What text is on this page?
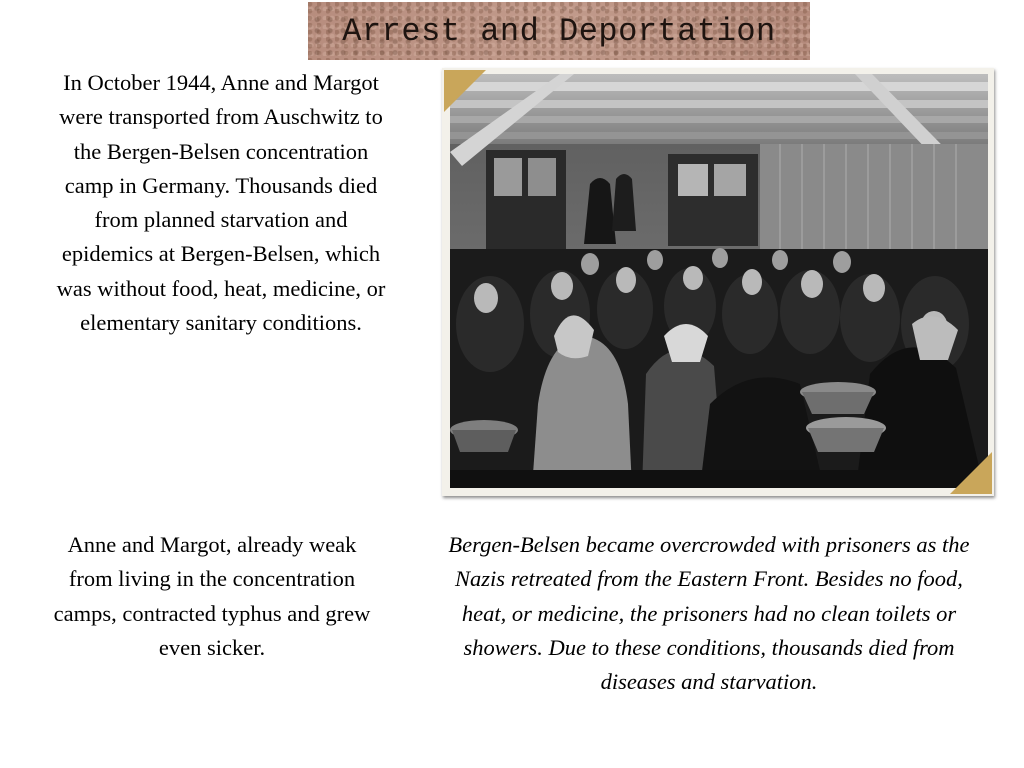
Arrest and Deportation

In October 1944, Anne and Margot were transported from Auschwitz to the Bergen-Belsen concentration camp in Germany. Thousands died from planned starvation and epidemics at Bergen-Belsen, which was without food, heat, medicine, or elementary sanitary conditions.

Anne and Margot, already weak from living in the concentration camps, contracted typhus and grew even sicker.

Bergen-Belsen became overcrowded with prisoners as the Nazis retreated from the Eastern Front. Besides no food, heat, or medicine, the prisoners had no clean toilets or showers. Due to these conditions, thousands died from diseases and starvation.
